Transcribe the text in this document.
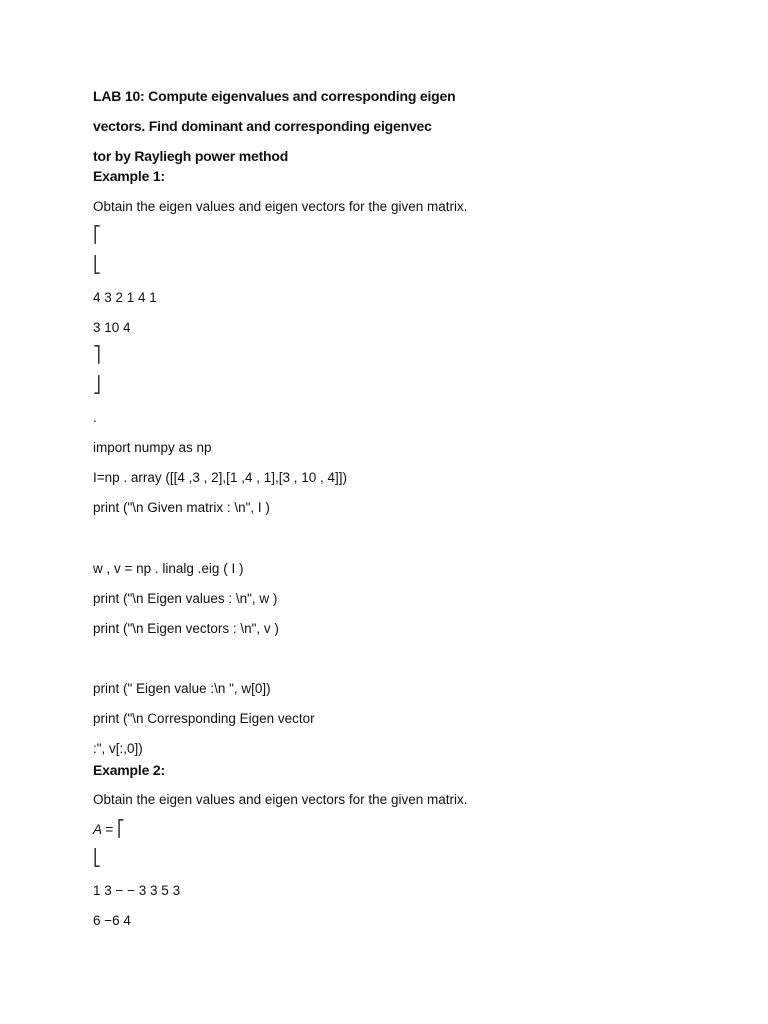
LAB 10: Compute eigenvalues and corresponding eigen
vectors. Find dominant and corresponding eigenvec
tor by Rayliegh power method
Example 1:
Obtain the eigen values and eigen vectors for the given matrix.
⎡
⎣
4 3 2 1 4 1
3 10 4
⎤
⎦
.
import numpy as np
I=np . array ([[4 ,3 , 2],[1 ,4 , 1],[3 , 10 , 4]])
print ("\n Given matrix : \n", I )
w , v = np . linalg .eig ( I )
print ("\n Eigen values : \n", w )
print ("\n Eigen vectors : \n", v )
print (" Eigen value :\n ", w[0])
print ("\n Corresponding Eigen vector
:", v[:,0])
Example 2:
Obtain the eigen values and eigen vectors for the given matrix.
A = ⎡
⎣
1 3 − − 3 3 5 3
6 −6 4
